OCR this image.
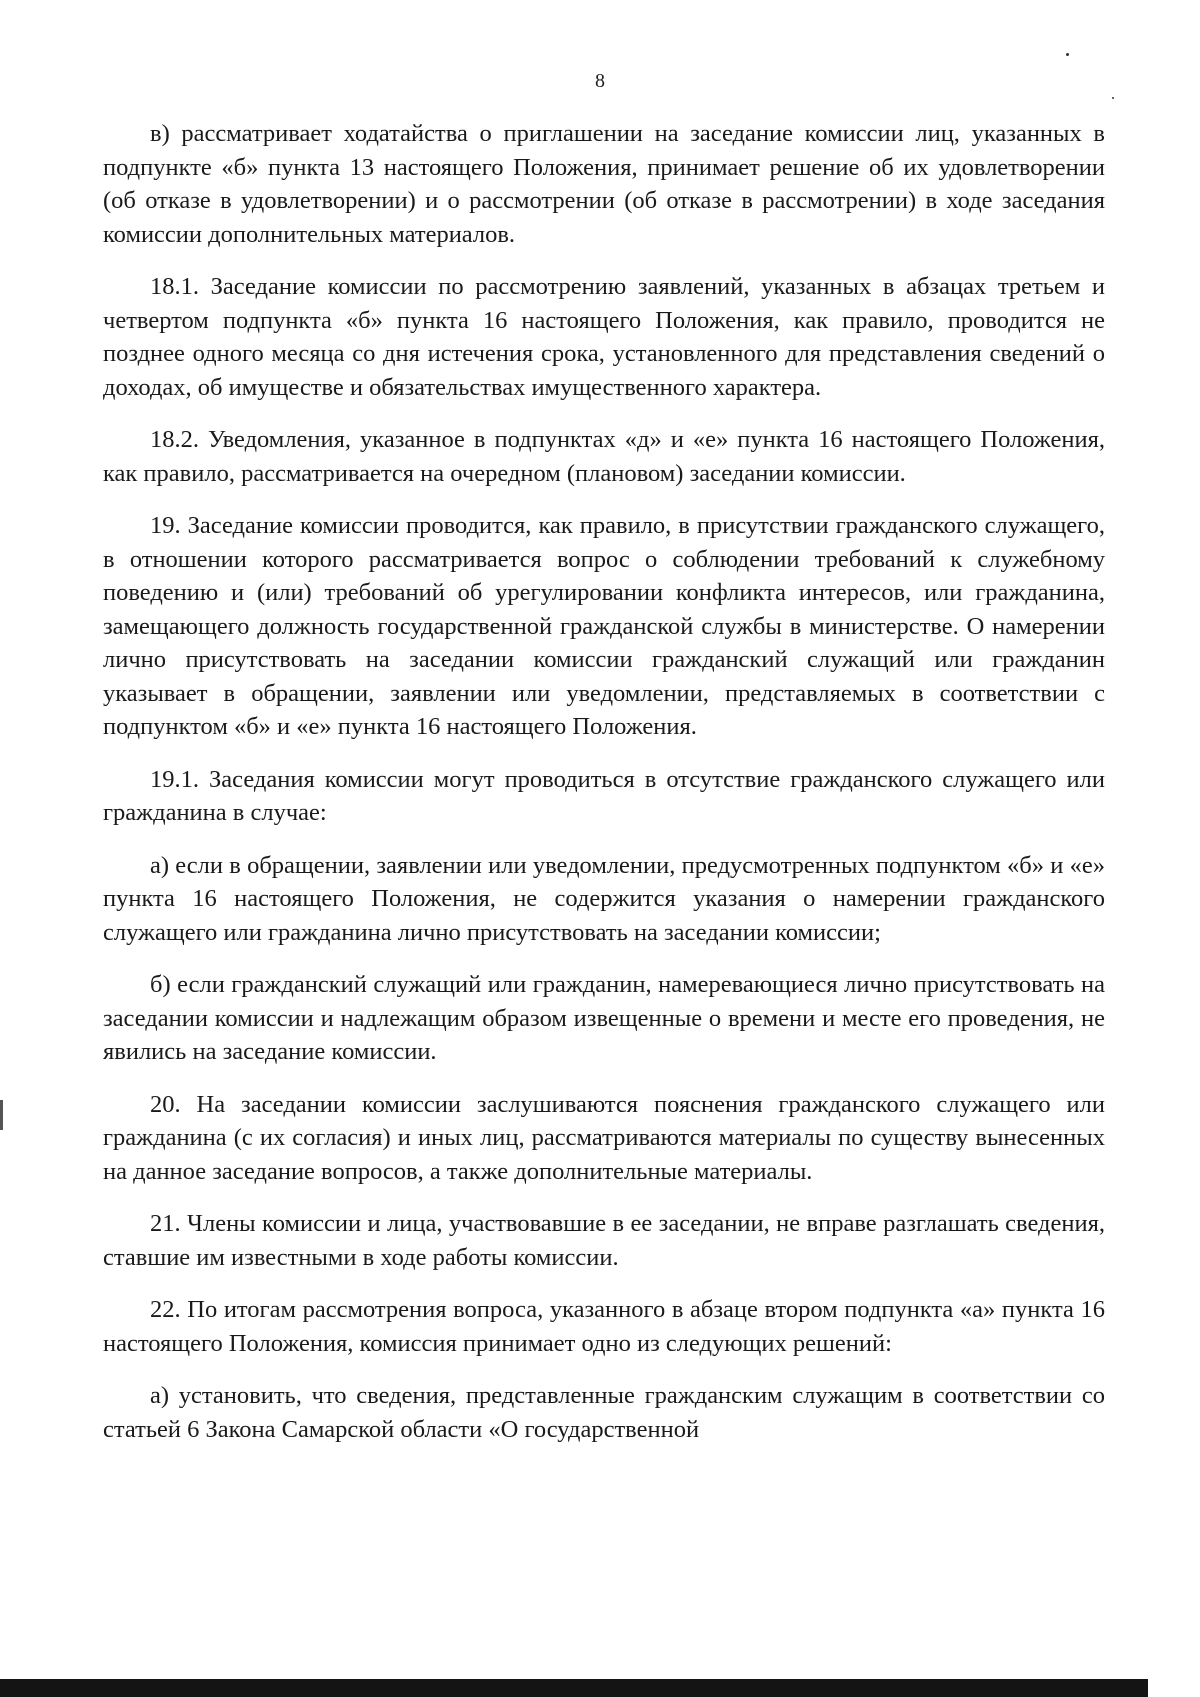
8

в) рассматривает ходатайства о приглашении на заседание комиссии лиц, указанных в подпункте «б» пункта 13 настоящего Положения, принимает решение об их удовлетворении (об отказе в удовлетворении) и о рассмотрении (об отказе в рассмотрении) в ходе заседания комиссии дополнительных материалов.

18.1. Заседание комиссии по рассмотрению заявлений, указанных в абзацах третьем и четвертом подпункта «б» пункта 16 настоящего Положения, как правило, проводится не позднее одного месяца со дня истечения срока, установленного для представления сведений о доходах, об имуществе и обязательствах имущественного характера.

18.2. Уведомления, указанное в подпунктах «д» и «е» пункта 16 настоящего Положения, как правило, рассматривается на очередном (плановом) заседании комиссии.

19. Заседание комиссии проводится, как правило, в присутствии гражданского служащего, в отношении которого рассматривается вопрос о соблюдении требований к служебному поведению и (или) требований об урегулировании конфликта интересов, или гражданина, замещающего должность государственной гражданской службы в министерстве. О намерении лично присутствовать на заседании комиссии гражданский служащий или гражданин указывает в обращении, заявлении или уведомлении, представляемых в соответствии с подпунктом «б» и «е» пункта 16 настоящего Положения.

19.1. Заседания комиссии могут проводиться в отсутствие гражданского служащего или гражданина в случае:

а) если в обращении, заявлении или уведомлении, предусмотренных подпунктом «б» и «е» пункта 16 настоящего Положения, не содержится указания о намерении гражданского служащего или гражданина лично присутствовать на заседании комиссии;

б) если гражданский служащий или гражданин, намеревающиеся лично присутствовать на заседании комиссии и надлежащим образом извещенные о времени и месте его проведения, не явились на заседание комиссии.

20. На заседании комиссии заслушиваются пояснения гражданского служащего или гражданина (с их согласия) и иных лиц, рассматриваются материалы по существу вынесенных на данное заседание вопросов, а также дополнительные материалы.

21. Члены комиссии и лица, участвовавшие в ее заседании, не вправе разглашать сведения, ставшие им известными в ходе работы комиссии.

22. По итогам рассмотрения вопроса, указанного в абзаце втором подпункта «а» пункта 16 настоящего Положения, комиссия принимает одно из следующих решений:

а) установить, что сведения, представленные гражданским служащим в соответствии со статьей 6 Закона Самарской области «О государственной
